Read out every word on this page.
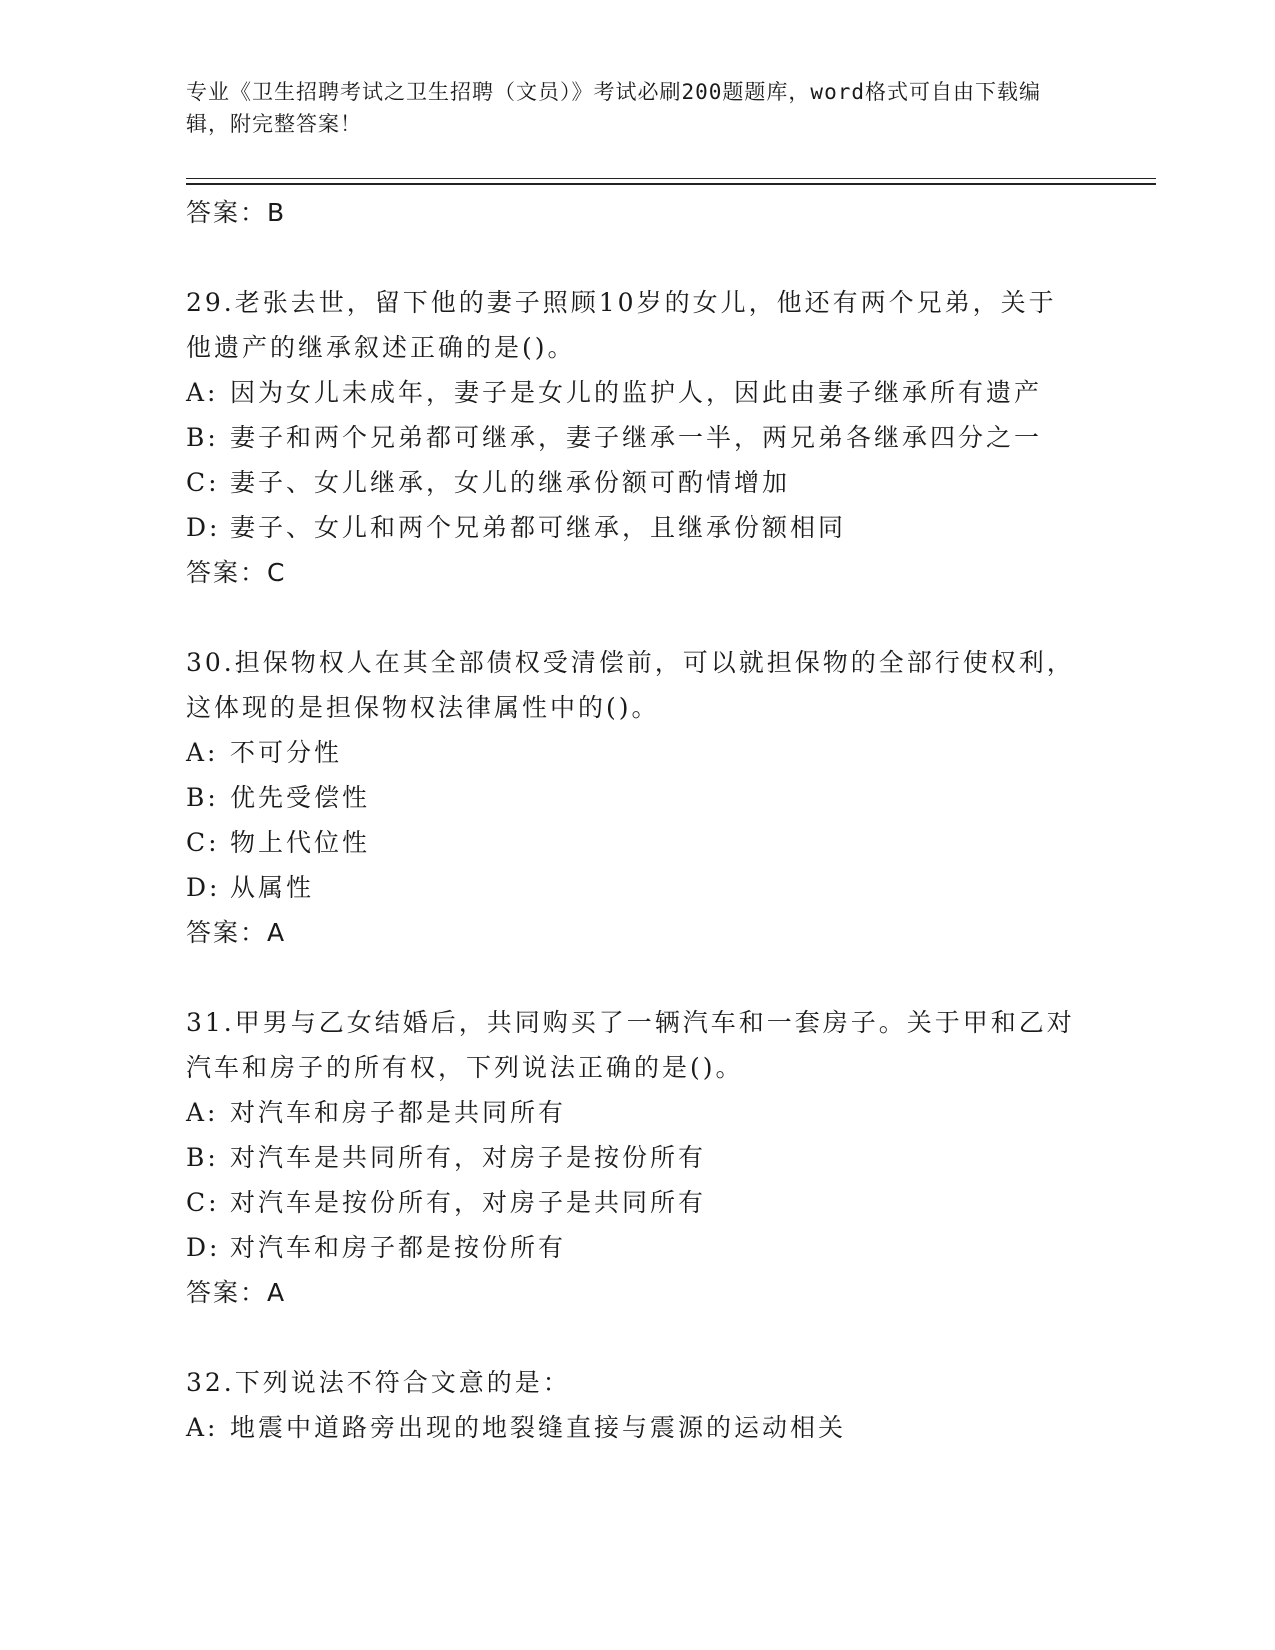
专业《卫生招聘考试之卫生招聘（文员）》考试必刷200题题库，word格式可自由下载编辑，附完整答案！
答案：B
29.老张去世，留下他的妻子照顾10岁的女儿，他还有两个兄弟，关于他遗产的继承叙述正确的是()。
A: 因为女儿未成年，妻子是女儿的监护人，因此由妻子继承所有遗产
B: 妻子和两个兄弟都可继承，妻子继承一半，两兄弟各继承四分之一
C: 妻子、女儿继承，女儿的继承份额可酌情增加
D: 妻子、女儿和两个兄弟都可继承，且继承份额相同
答案：C
30.担保物权人在其全部债权受清偿前，可以就担保物的全部行使权利，这体现的是担保物权法律属性中的()。
A: 不可分性
B: 优先受偿性
C: 物上代位性
D: 从属性
答案：A
31.甲男与乙女结婚后，共同购买了一辆汽车和一套房子。关于甲和乙对汽车和房子的所有权，下列说法正确的是()。
A: 对汽车和房子都是共同所有
B: 对汽车是共同所有，对房子是按份所有
C: 对汽车是按份所有，对房子是共同所有
D: 对汽车和房子都是按份所有
答案：A
32.下列说法不符合文意的是：
A: 地震中道路旁出现的地裂缝直接与震源的运动相关
